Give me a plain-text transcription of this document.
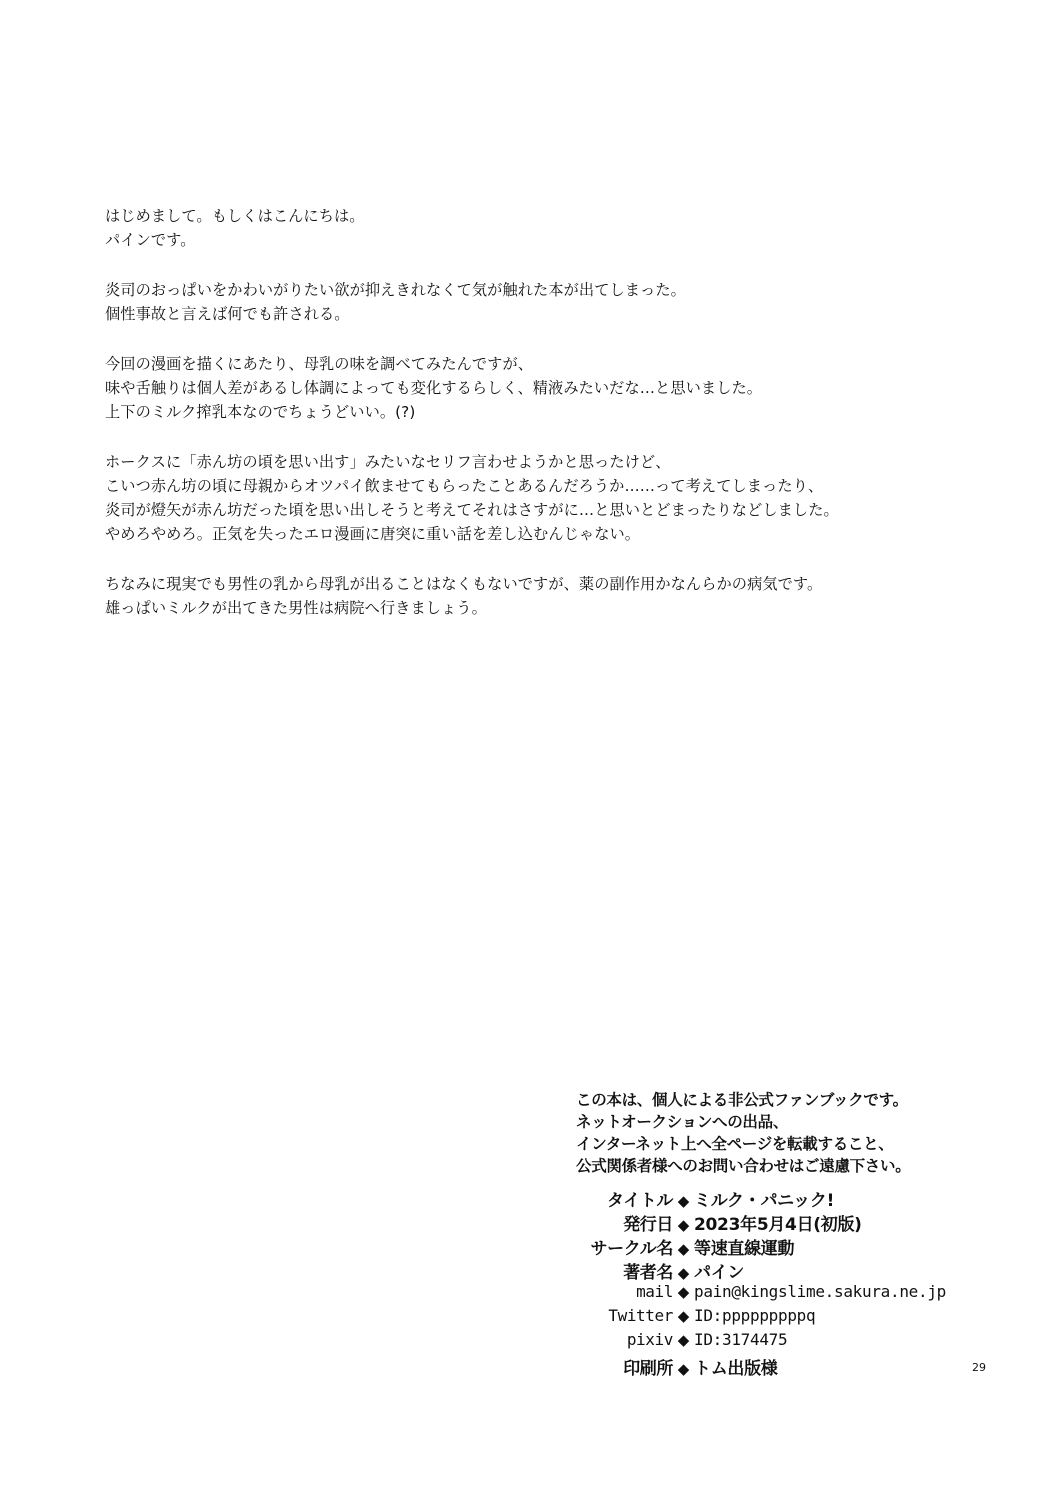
はじめまして。もしくはこんにちは。
パインです。
炎司のおっぱいをかわいがりたい欲が抑えきれなくて気が触れた本が出てしまった。
個性事故と言えば何でも許される。
今回の漫画を描くにあたり、母乳の味を調べてみたんですが、
味や舌触りは個人差があるし体調によっても変化するらしく、精液みたいだな…と思いました。
上下のミルク搾乳本なのでちょうどいい。(?)
ホークスに「赤ん坊の頃を思い出す」みたいなセリフ言わせようかと思ったけど、
こいつ赤ん坊の頃に母親からオツパイ飲ませてもらったことあるんだろうか……って考えてしまったり、
炎司が燈矢が赤ん坊だった頃を思い出しそうと考えてそれはさすがに…と思いとどまったりなどしました。
やめろやめろ。正気を失ったエロ漫画に唐突に重い話を差し込むんじゃない。
ちなみに現実でも男性の乳から母乳が出ることはなくもないですが、薬の副作用かなんらかの病気です。
雄っぱいミルクが出てきた男性は病院へ行きましょう。
この本は、個人による非公式ファンブックです。
ネットオークションへの出品、
インターネット上へ全ページを転載すること、
公式関係者様へのお問い合わせはご遠慮下さい。
タイトル ◆ ミルク・パニック!
発行日 ◆ 2023年5月4日(初版)
サークル名 ◆ 等速直線運動
著者名 ◆ パイン
mail ◆ pain@kingslime.sakura.ne.jp
Twitter ◆ ID:pppppppppq
pixiv ◆ ID:3174475
印刷所 ◆ トム出版様	29
